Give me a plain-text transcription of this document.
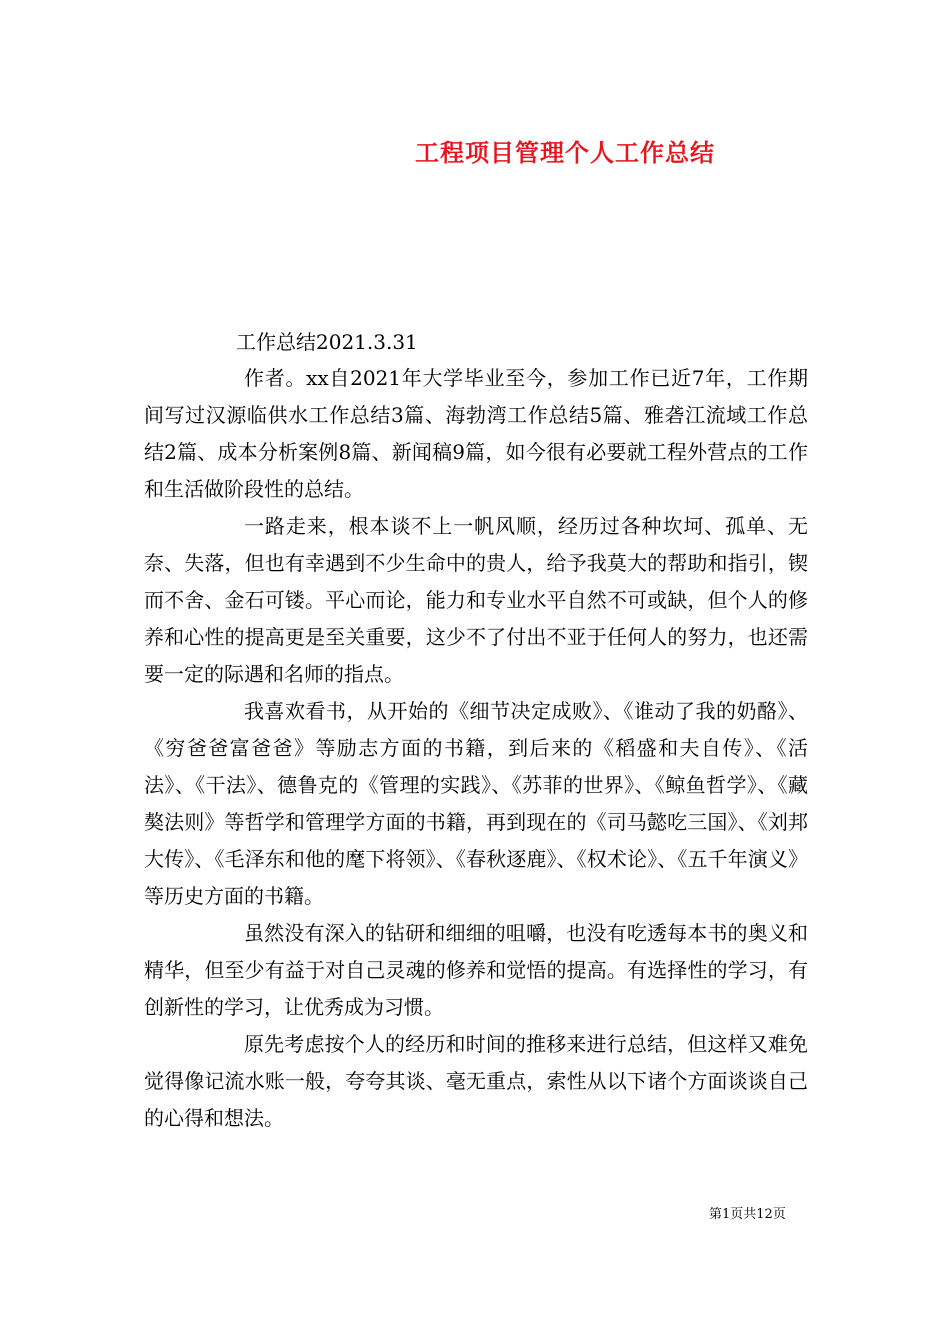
工程项目管理个人工作总结
工作总结2021.3.31

作者。xx自2021年大学毕业至今，参加工作已近7年，工作期间写过汉源临供水工作总结3篇、海勃湾工作总结5篇、雅砻江流域工作总结2篇、成本分析案例8篇、新闻稿9篇，如今很有必要就工程外营点的工作和生活做阶段性的总结。

一路走来，根本谈不上一帆风顺，经历过各种坎坷、孤单、无奈、失落，但也有幸遇到不少生命中的贵人，给予我莫大的帮助和指引，锲而不舍、金石可镂。平心而论，能力和专业水平自然不可或缺，但个人的修养和心性的提高更是至关重要，这少不了付出不亚于任何人的努力，也还需要一定的际遇和名师的指点。

我喜欢看书，从开始的《细节决定成败》、《谁动了我的奶酪》、《穷爸爸富爸爸》等励志方面的书籍，到后来的《稻盛和夫自传》、《活法》、《干法》、德鲁克的《管理的实践》、《苏菲的世界》、《鲸鱼哲学》、《藏獒法则》等哲学和管理学方面的书籍，再到现在的《司马懿吃三国》、《刘邦大传》、《毛泽东和他的麾下将领》、《春秋逐鹿》、《权术论》、《五千年演义》等历史方面的书籍。

虽然没有深入的钻研和细细的咀嚼，也没有吃透每本书的奥义和精华，但至少有益于对自己灵魂的修养和觉悟的提高。有选择性的学习，有创新性的学习，让优秀成为习惯。

原先考虑按个人的经历和时间的推移来进行总结，但这样又难免觉得像记流水账一般，夸夸其谈、毫无重点，索性从以下诸个方面谈谈自己的心得和想法。

第1页共12页
